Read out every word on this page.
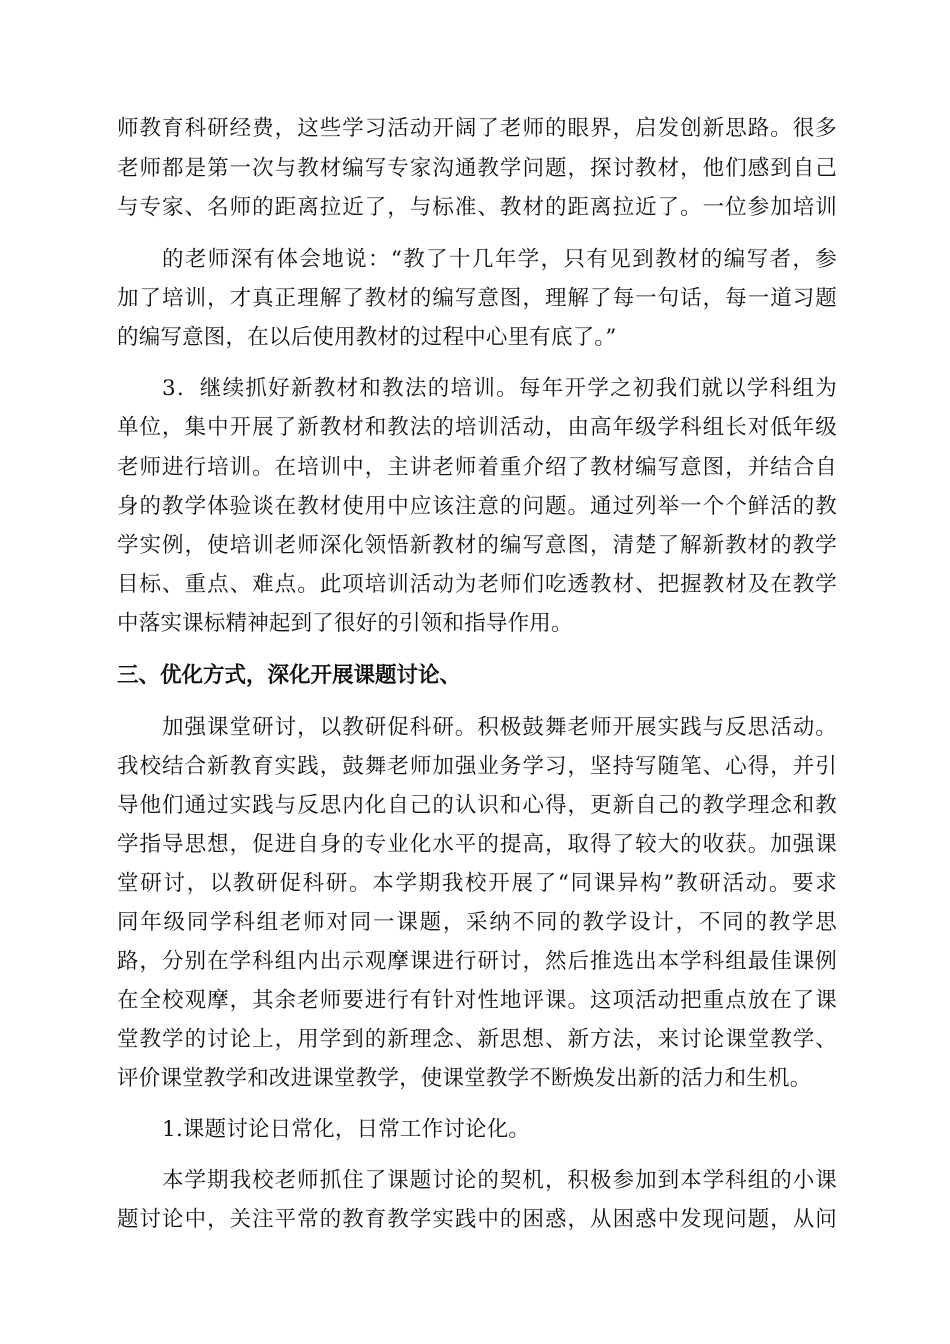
师教育科研经费，这些学习活动开阔了老师的眼界，启发创新思路。很多
老师都是第一次与教材编写专家沟通教学问题，探讨教材，他们感到自己
与专家、名师的距离拉近了，与标准、教材的距离拉近了。一位参加培训
的老师深有体会地说：“教了十几年学，只有见到教材的编写者，参
加了培训，才真正理解了教材的编写意图，理解了每一句话，每一道习题
的编写意图，在以后使用教材的过程中心里有底了。”
3．继续抓好新教材和教法的培训。每年开学之初我们就以学科组为
单位，集中开展了新教材和教法的培训活动，由高年级学科组长对低年级
老师进行培训。在培训中，主讲老师着重介绍了教材编写意图，并结合自
身的教学体验谈在教材使用中应该注意的问题。通过列举一个个鲜活的教
学实例，使培训老师深化领悟新教材的编写意图，清楚了解新教材的教学
目标、重点、难点。此项培训活动为老师们吃透教材、把握教材及在教学
中落实课标精神起到了很好的引领和指导作用。
三、优化方式，深化开展课题讨论、
加强课堂研讨，以教研促科研。积极鼓舞老师开展实践与反思活动。
我校结合新教育实践，鼓舞老师加强业务学习，坚持写随笔、心得，并引
导他们通过实践与反思内化自己的认识和心得，更新自己的教学理念和教
学指导思想，促进自身的专业化水平的提高，取得了较大的收获。加强课
堂研讨，以教研促科研。本学期我校开展了“同课异构”教研活动。要求
同年级同学科组老师对同一课题，采纳不同的教学设计，不同的教学思
路，分别在学科组内出示观摩课进行研讨，然后推选出本学科组最佳课例
在全校观摩，其余老师要进行有针对性地评课。这项活动把重点放在了课
堂教学的讨论上，用学到的新理念、新思想、新方法，来讨论课堂教学、
评价课堂教学和改进课堂教学，使课堂教学不断焕发出新的活力和生机。
1.课题讨论日常化，日常工作讨论化。
本学期我校老师抓住了课题讨论的契机，积极参加到本学科组的小课
题讨论中，关注平常的教育教学实践中的困惑，从困惑中发现问题，从问
